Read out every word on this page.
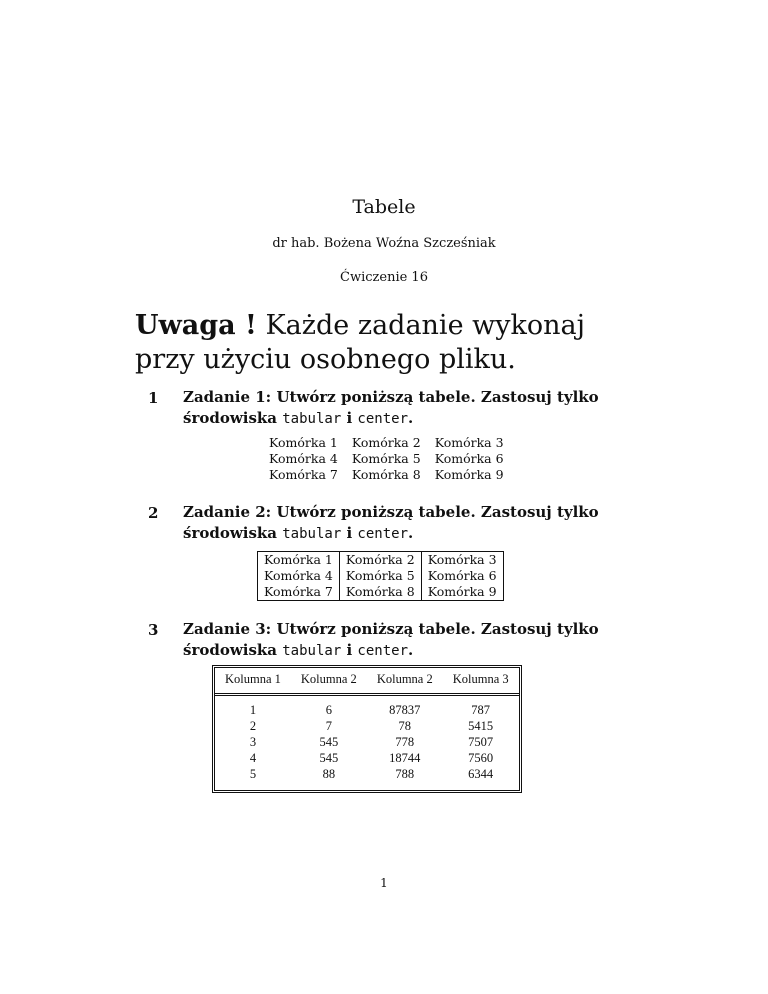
Tabele
dr hab. Bożena Woźna Szcześniak
Ćwiczenie 16
Uwaga ! Każde zadanie wykonaj przy użyciu osobnego pliku.
1 Zadanie 1: Utwórz poniższą tabele. Zastosuj tylko środowiska tabular i center.
Komórka 1	Komórka 2	Komórka 3
Komórka 4	Komórka 5	Komórka 6
Komórka 7	Komórka 8	Komórka 9
2 Zadanie 2: Utwórz poniższą tabele. Zastosuj tylko środowiska tabular i center.
Komórka 1	Komórka 2	Komórka 3
Komórka 4	Komórka 5	Komórka 6
Komórka 7	Komórka 8	Komórka 9
3 Zadanie 3: Utwórz poniższą tabele. Zastosuj tylko środowiska tabular i center.
Kolumna 1	Kolumna 2	Kolumna 2	Kolumna 3
1	6	87837	787
2	7	78	5415
3	545	778	7507
4	545	18744	7560
5	88	788	6344
1
